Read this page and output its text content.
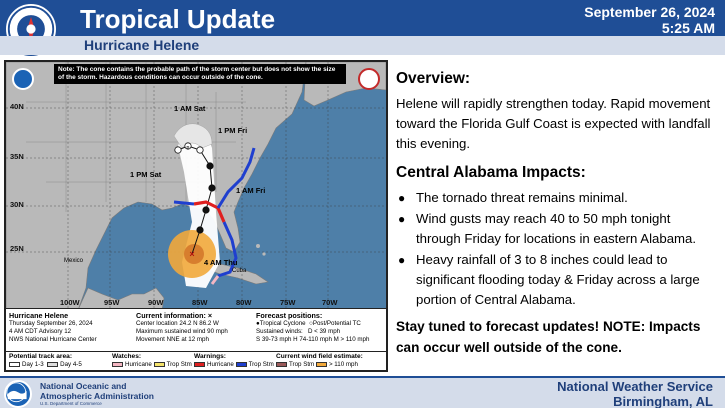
Tropical Update	September 26, 2024
5:25 AM
Hurricane Helene
D
×
Note: The cone contains the probable path of the storm center but does not show the size of the storm. Hazardous conditions can occur outside of the cone.
40N
35N
30N
25N
100W	95W	90W	85W	80W	75W	70W
1 AM Sat
1 PM Fri
1 PM Sat
1 AM Fri
4 AM Thu
Mexico
Cuba
Hurricane Helene
Thursday September 26, 2024
4 AM CDT Advisory 12
NWS National Hurricane Center
Current information: ×
Center location 24.2 N 86.2 W
Maximum sustained wind 90 mph
Movement NNE at 12 mph
Forecast positions:
●Tropical Cyclone ○Post/Potential TC
Sustained winds: D < 39 mph
S 39-73 mph H 74-110 mph M > 110 mph
Potential track area:
Day 1-3	Day 4-5
Watches:
Hurricane Trop Stm
Warnings:
Hurricane Trop Stm
Current wind field estimate:
Trop Stm > 110 mph
Overview:
Helene will rapidly strengthen today. Rapid movement toward the Florida Gulf Coast is expected with landfall this evening.
Central Alabama Impacts:
● The tornado threat remains minimal.
● Wind gusts may reach 40 to 50 mph tonight through Friday for locations in eastern Alabama.
● Heavy rainfall of 3 to 8 inches could lead to significant flooding today & Friday across a large portion of Central Alabama.
Stay tuned to forecast updates! NOTE: Impacts can occur well outside of the cone.
National Oceanic and
Atmospheric Administration
U.S. Department of Commerce
National Weather Service
Birmingham, AL
